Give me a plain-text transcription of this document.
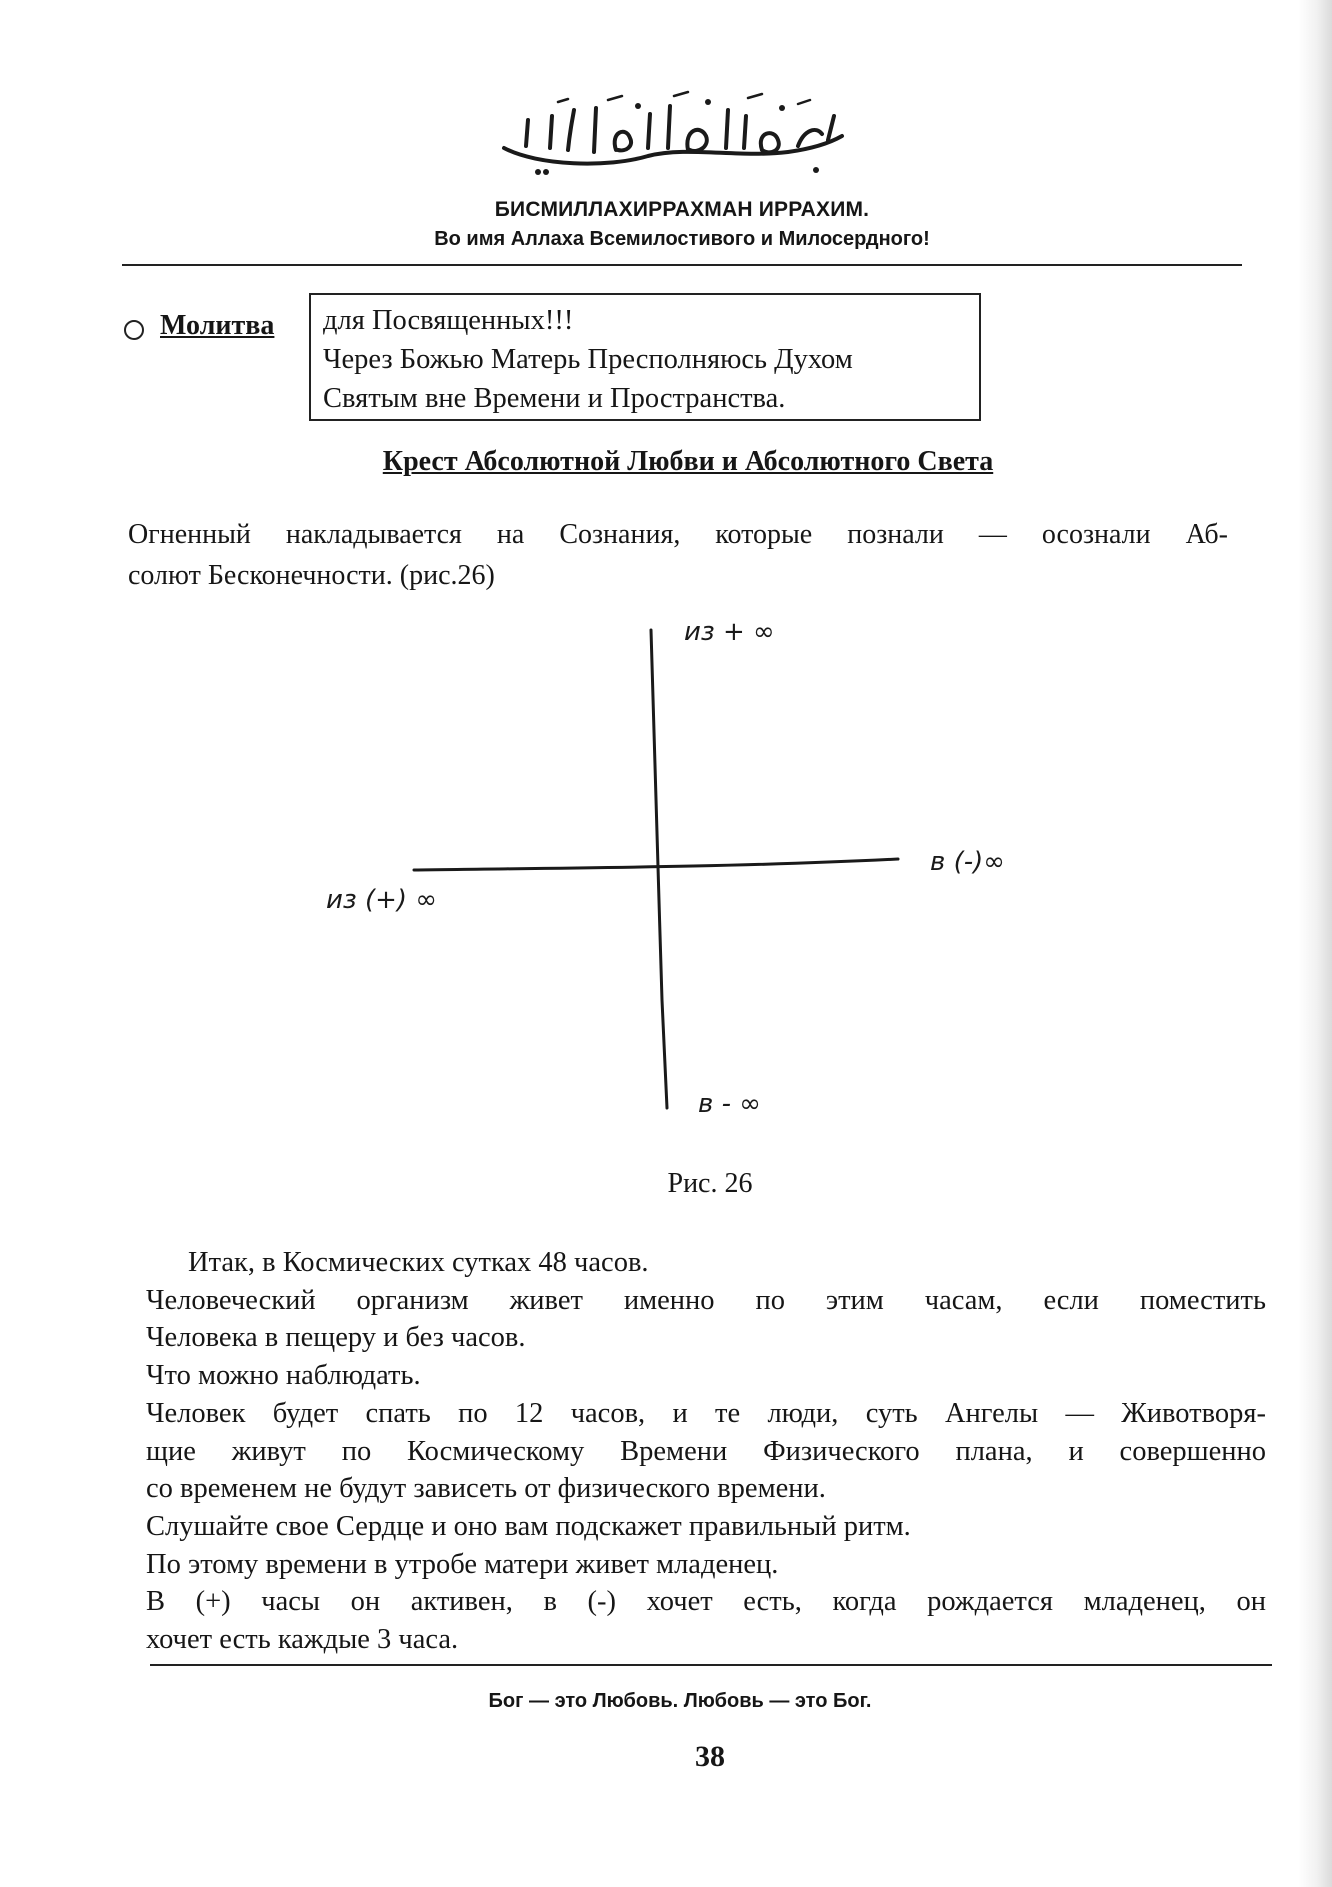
БИСМИЛЛАХИРРАХМАН ИРРАХИМ.
Во имя Аллаха Всемилостивого и Милосердного!
Молитва для Посвященных!!!
Через Божью Матерь Пресполняюсь Духом
Святым вне Времени и Пространства.
Крест Абсолютной Любви и Абсолютного Света
Огненный накладывается на Сознания, которые познали — осознали Аб-
солют Бесконечности. (рис.26)
из + ∞
в (-)∞
из (+) ∞
в - ∞
Рис. 26
Итак, в Космических сутках 48 часов.
Человеческий организм живет именно по этим часам, если поместить
Человека в пещеру и без часов.
Что можно наблюдать.
Человек будет спать по 12 часов, и те люди, суть Ангелы — Животворя-
щие живут по Космическому Времени Физического плана, и совершенно
со временем не будут зависеть от физического времени.
Слушайте свое Сердце и оно вам подскажет правильный ритм.
По этому времени в утробе матери живет младенец.
В (+) часы он активен, в (-) хочет есть, когда рождается младенец, он
хочет есть каждые 3 часа.
Бог — это Любовь. Любовь — это Бог.
38
